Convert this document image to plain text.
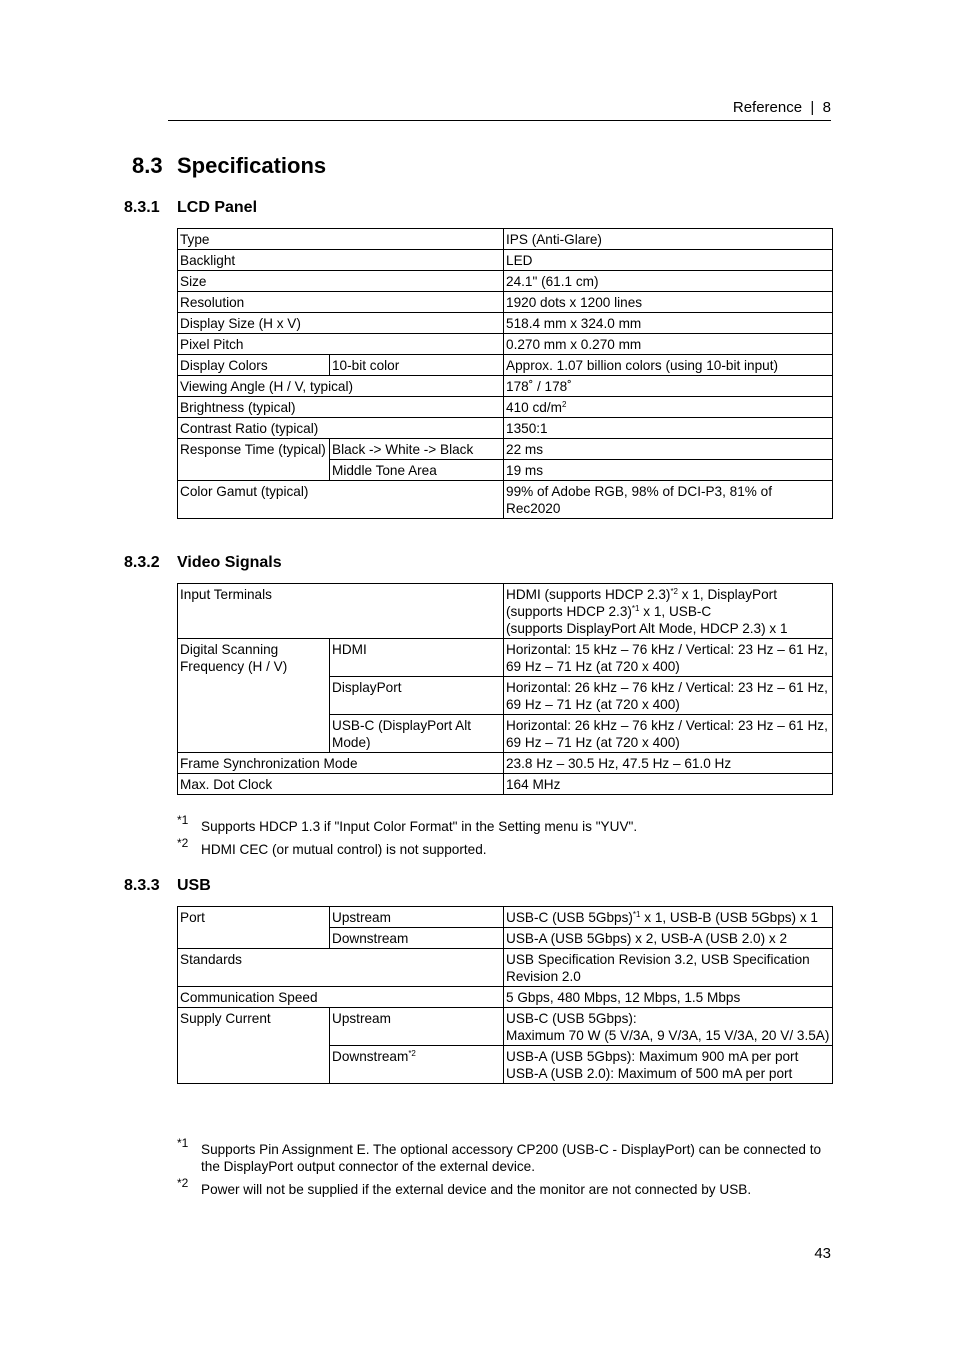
Reference  |  8
8.3 Specifications
8.3.1 LCD Panel
Type		IPS (Anti-Glare)
Backlight		LED
Size		24.1" (61.1 cm)
Resolution		1920 dots x 1200 lines
Display Size (H x V)		518.4 mm x 324.0 mm
Pixel Pitch		0.270 mm x 0.270 mm
Display Colors	10-bit color	Approx. 1.07 billion colors (using 10-bit input)
Viewing Angle (H / V, typical)		178˚ / 178˚
Brightness (typical)		410 $cd/m^2$
Contrast Ratio (typical)		1350:1
Response Time (typical)	Black -> White -> Black	22 ms
	Middle Tone Area	19 ms
Color Gamut (typical)		99% of Adobe RGB, 98% of DCI-P3, 81% of Rec2020
8.3.2 Video Signals
Input Terminals		HDMI (supports HDCP 2.3)$^{*2}$ x 1, DisplayPort
(supports HDCP 2.3)$^{*1}$ x 1, USB-C
(supports DisplayPort Alt Mode, HDCP 2.3) x 1
Digital Scanning Frequency (H / V)	HDMI	Horizontal: 15 kHz – 76 kHz / Vertical: 23 Hz – 61 Hz, 69 Hz – 71 Hz (at 720 x 400)
	DisplayPort	Horizontal: 26 kHz – 76 kHz / Vertical: 23 Hz – 61 Hz, 69 Hz – 71 Hz (at 720 x 400)
	USB-C (DisplayPort Alt Mode)	Horizontal: 26 kHz – 76 kHz / Vertical: 23 Hz – 61 Hz, 69 Hz – 71 Hz (at 720 x 400)
Frame Synchronization Mode		23.8 Hz – 30.5 Hz, 47.5 Hz – 61.0 Hz
Max. Dot Clock		164 MHz
*1 Supports HDCP 1.3 if "Input Color Format" in the Setting menu is "YUV".
*2 HDMI CEC (or mutual control) is not supported.
8.3.3 USB
Port	Upstream	USB-C (USB 5Gbps)$^{*1}$ x 1, USB-B (USB 5Gbps) x 1
	Downstream	USB-A (USB 5Gbps) x 2, USB-A (USB 2.0) x 2
Standards		USB Specification Revision 3.2, USB Specification Revision 2.0
Communication Speed		5 Gbps, 480 Mbps, 12 Mbps, 1.5 Mbps
Supply Current	Upstream	USB-C (USB 5Gbps):
Maximum 70 W (5 V/3A, 9 V/3A, 15 V/3A, 20 V/ 3.5A)
	Downstream$^{*2}$	USB-A (USB 5Gbps): Maximum 900 mA per port
USB-A (USB 2.0): Maximum of 500 mA per port
*1 Supports Pin Assignment E. The optional accessory CP200 (USB-C - DisplayPort) can be connected to the DisplayPort output connector of the external device.
*2 Power will not be supplied if the external device and the monitor are not connected by USB.
43
